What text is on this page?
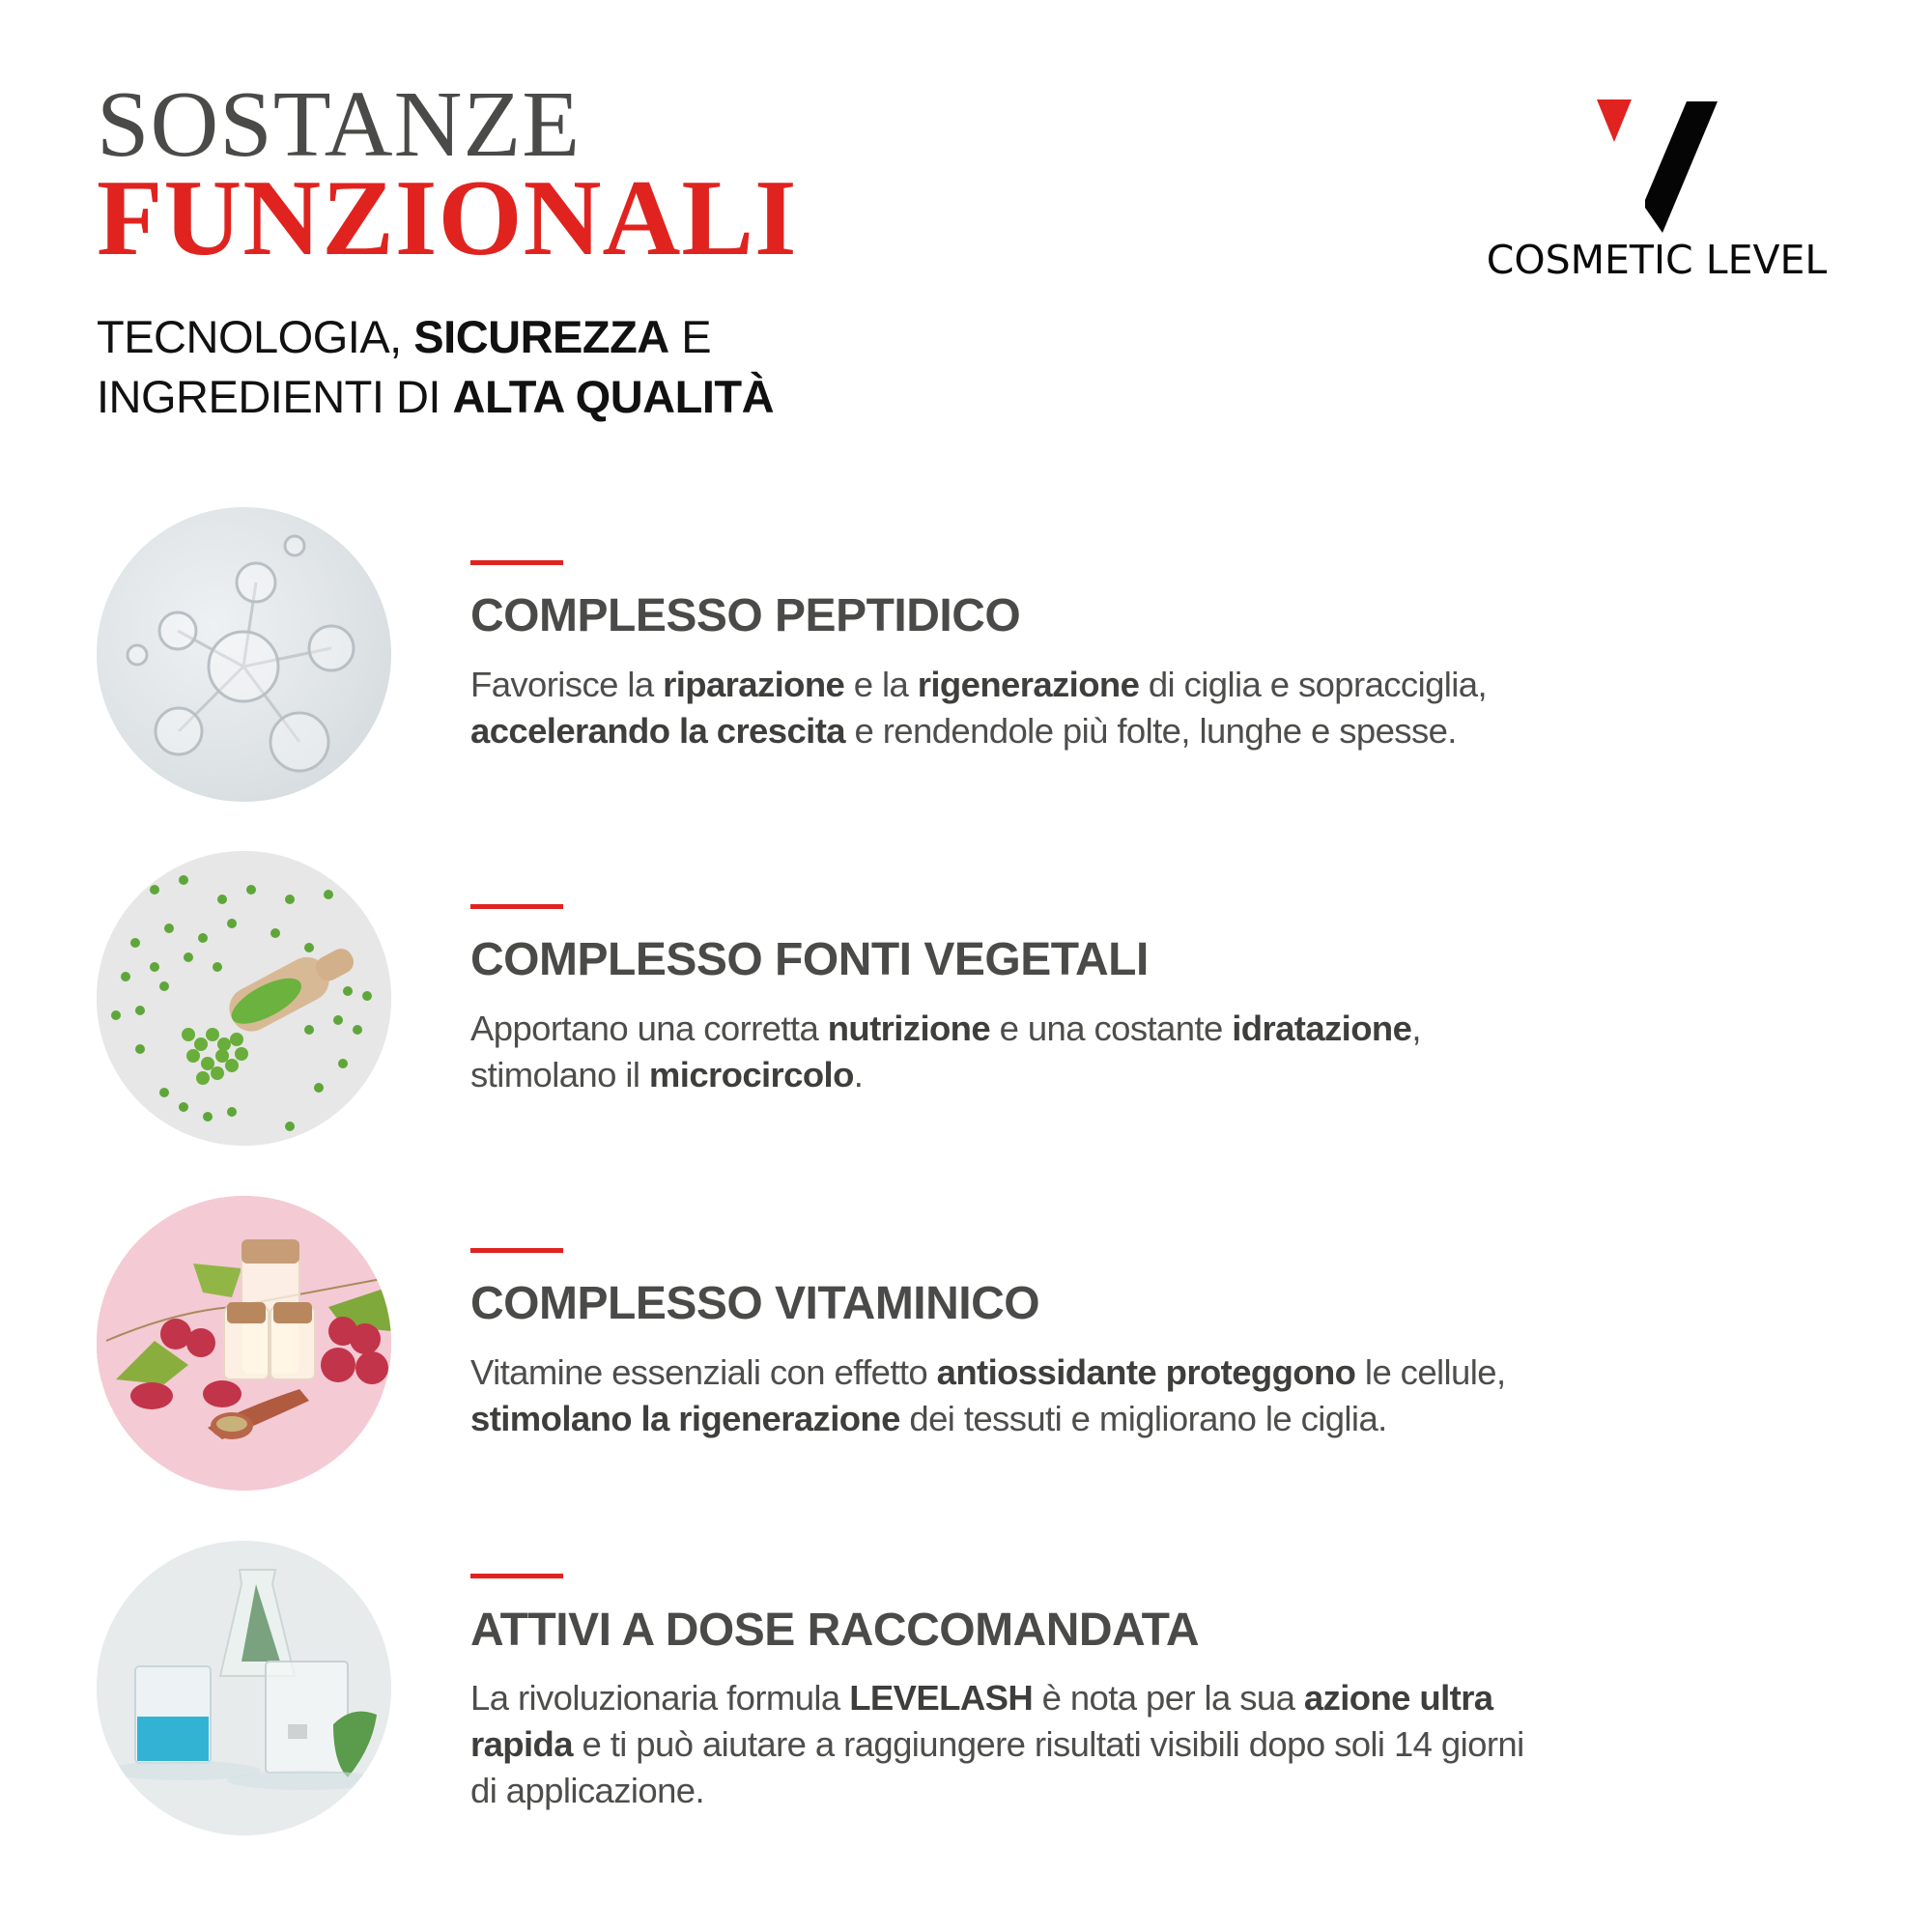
SOSTANZE
FUNZIONALI
TECNOLOGIA, SICUREZZA E
INGREDIENTI DI ALTA QUALITÀ
COSMETIC LEVEL
COMPLESSO PEPTIDICO
Favorisce la riparazione e la rigenerazione di ciglia e sopracciglia,
accelerando la crescita e rendendole più folte, lunghe e spesse.
COMPLESSO FONTI VEGETALI
Apportano una corretta nutrizione e una costante idratazione,
stimolano il microcircolo.
COMPLESSO VITAMINICO
Vitamine essenziali con effetto antiossidante proteggono le cellule,
stimolano la rigenerazione dei tessuti e migliorano le ciglia.
ATTIVI A DOSE RACCOMANDATA
La rivoluzionaria formula LEVELASH è nota per la sua azione ultra
rapida e ti può aiutare a raggiungere risultati visibili dopo soli 14 giorni
di applicazione.
